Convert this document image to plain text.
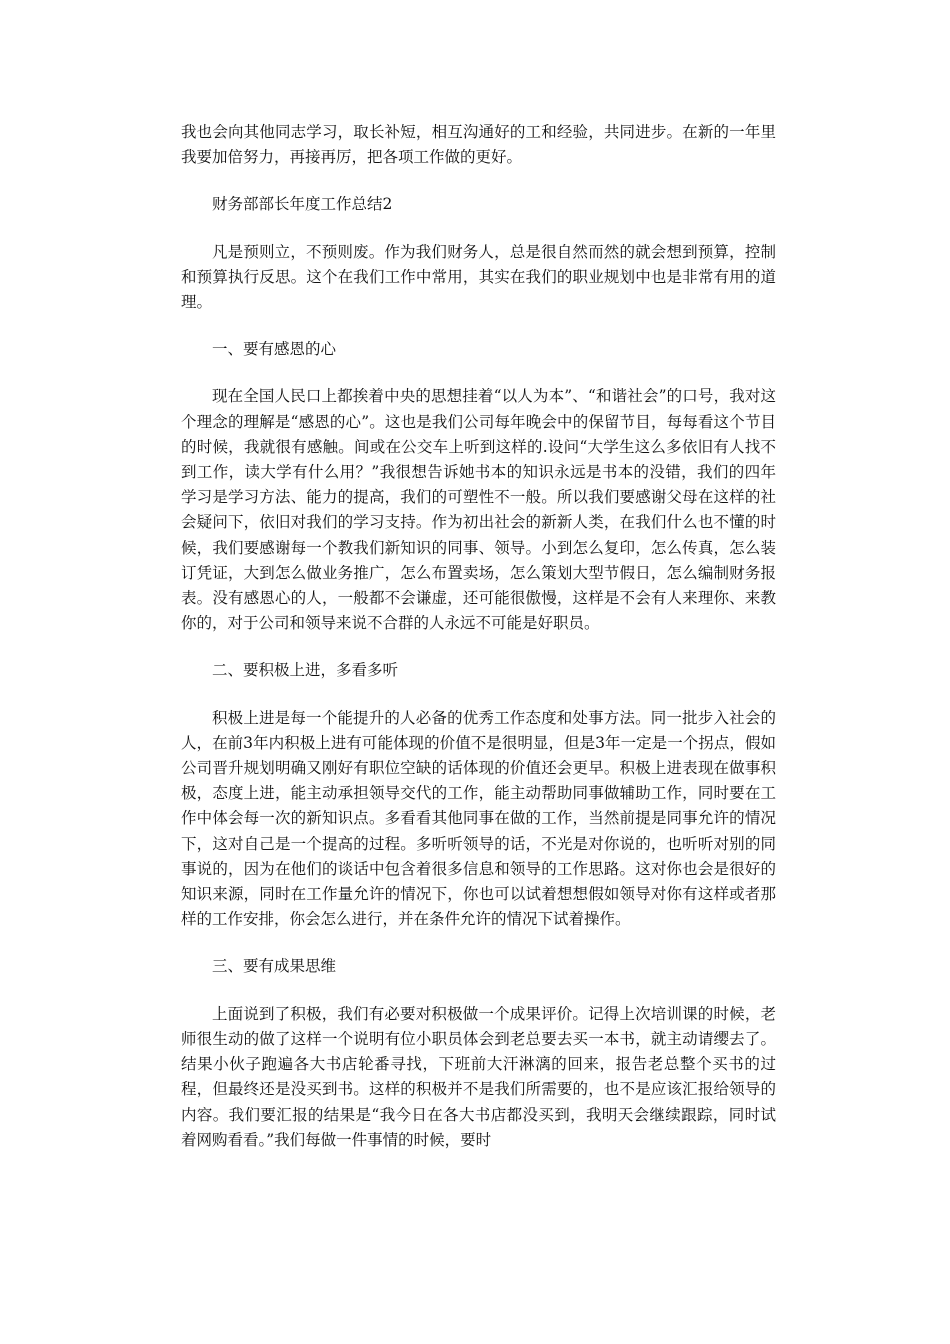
我也会向其他同志学习，取长补短，相互沟通好的工和经验，共同进步。在新的一年里我要加倍努力，再接再厉，把各项工作做的更好。

财务部部长年度工作总结2

凡是预则立，不预则废。作为我们财务人，总是很自然而然的就会想到预算，控制和预算执行反思。这个在我们工作中常用，其实在我们的职业规划中也是非常有用的道理。

一、要有感恩的心

现在全国人民口上都挨着中央的思想挂着“以人为本”、“和谐社会”的口号，我对这个理念的理解是“感恩的心”。这也是我们公司每年晚会中的保留节目，每每看这个节目的时候，我就很有感触。间或在公交车上听到这样的.设问“大学生这么多依旧有人找不到工作，读大学有什么用？”我很想告诉她书本的知识永远是书本的没错，我们的四年学习是学习方法、能力的提高，我们的可塑性不一般。所以我们要感谢父母在这样的社会疑问下，依旧对我们的学习支持。作为初出社会的新新人类，在我们什么也不懂的时候，我们要感谢每一个教我们新知识的同事、领导。小到怎么复印，怎么传真，怎么装订凭证，大到怎么做业务推广，怎么布置卖场，怎么策划大型节假日，怎么编制财务报表。没有感恩心的人，一般都不会谦虚，还可能很傲慢，这样是不会有人来理你、来教你的，对于公司和领导来说不合群的人永远不可能是好职员。

二、要积极上进，多看多听

积极上进是每一个能提升的人必备的优秀工作态度和处事方法。同一批步入社会的人，在前3年内积极上进有可能体现的价值不是很明显，但是3年一定是一个拐点，假如公司晋升规划明确又刚好有职位空缺的话体现的价值还会更早。积极上进表现在做事积极，态度上进，能主动承担领导交代的工作，能主动帮助同事做辅助工作，同时要在工作中体会每一次的新知识点。多看看其他同事在做的工作，当然前提是同事允许的情况下，这对自己是一个提高的过程。多听听领导的话，不光是对你说的，也听听对别的同事说的，因为在他们的谈话中包含着很多信息和领导的工作思路。这对你也会是很好的知识来源，同时在工作量允许的情况下，你也可以试着想想假如领导对你有这样或者那样的工作安排，你会怎么进行，并在条件允许的情况下试着操作。

三、要有成果思维

上面说到了积极，我们有必要对积极做一个成果评价。记得上次培训课的时候，老师很生动的做了这样一个说明有位小职员体会到老总要去买一本书，就主动请缨去了。结果小伙子跑遍各大书店轮番寻找，下班前大汗淋漓的回来，报告老总整个买书的过程，但最终还是没买到书。这样的积极并不是我们所需要的，也不是应该汇报给领导的内容。我们要汇报的结果是“我今日在各大书店都没买到，我明天会继续跟踪，同时试着网购看看。”我们每做一件事情的时候，要时
